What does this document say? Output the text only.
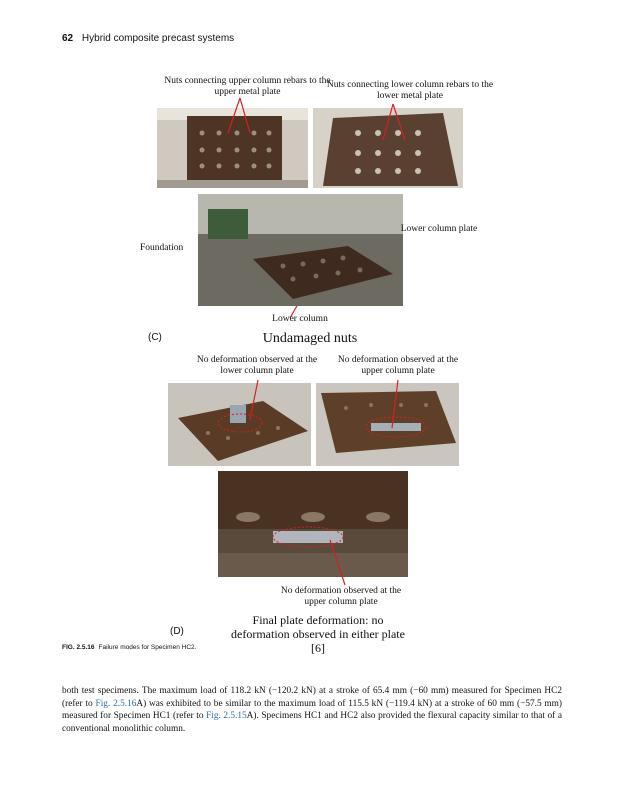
62 Hybrid composite precast systems
Nuts connecting upper column rebars to the upper metal plate
Nuts connecting lower column rebars to the lower metal plate
Lower column plate
Foundation
Lower column
(C)	Undamaged nuts
No deformation observed at the lower column plate
No deformation observed at the upper column plate
No deformation observed at the upper column plate
(D)
Final plate deformation: no deformation observed in either plate [6]
FIG. 2.5.16 Failure modes for Specimen HC2.
both test specimens. The maximum load of 118.2 kN (−120.2 kN) at a stroke of 65.4 mm (−60 mm) measured for Specimen HC2 (refer to Fig. 2.5.16A) was exhibited to be similar to the maximum load of 115.5 kN (−119.4 kN) at a stroke of 60 mm (−57.5 mm) measured for Specimen HC1 (refer to Fig. 2.5.15A). Specimens HC1 and HC2 also provided the flexural capacity similar to that of a conventional monolithic column.
